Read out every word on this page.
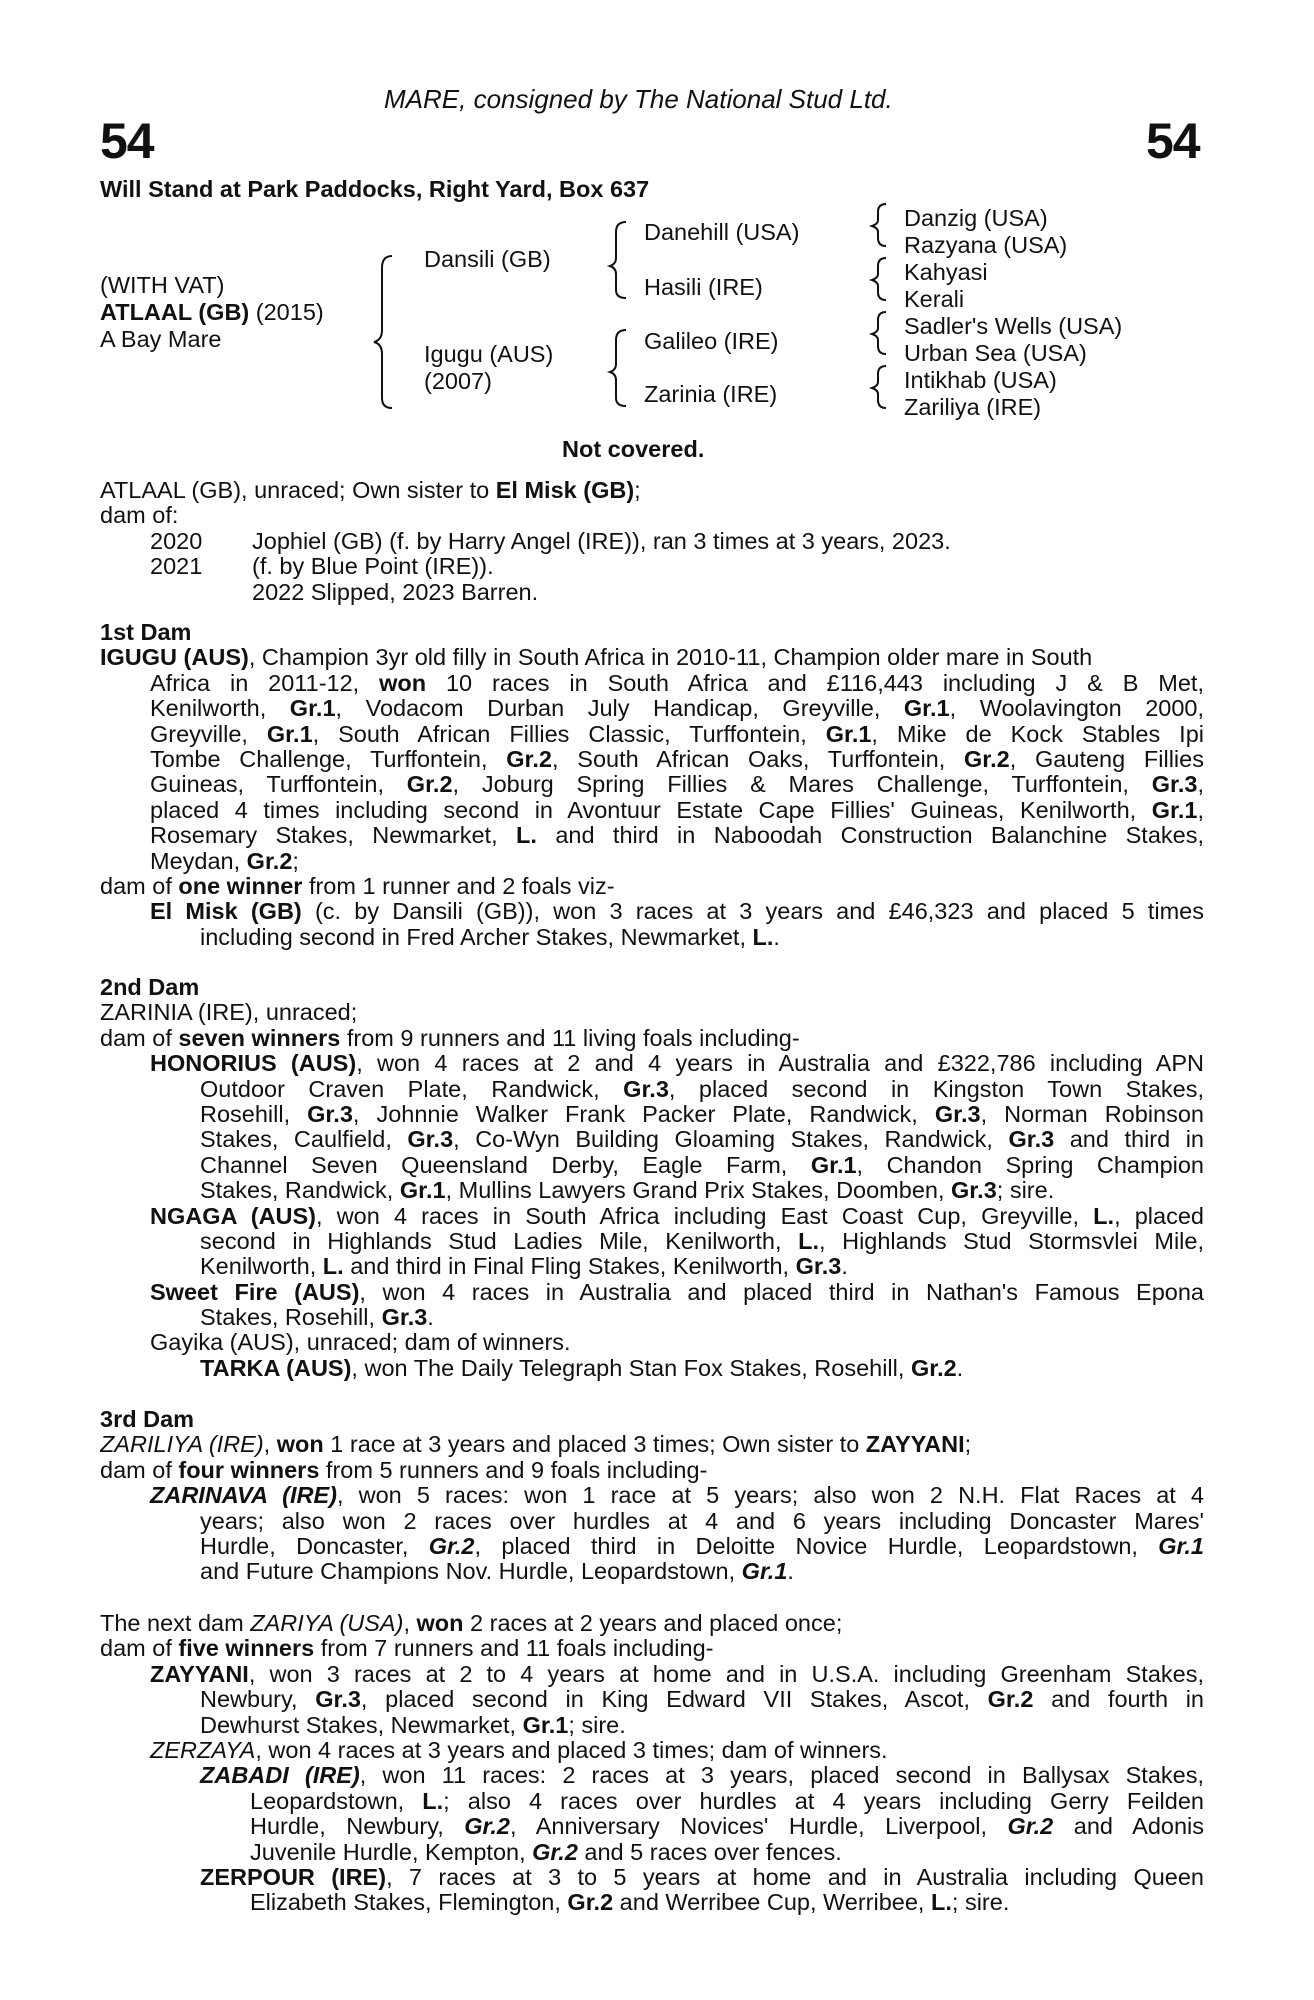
MARE, consigned by The National Stud Ltd.
54	54
Will Stand at Park Paddocks, Right Yard, Box 637
(WITH VAT)
ATLAAL (GB) (2015)
A Bay Mare
Dansili (GB)
Igugu (AUS)
(2007)
Danehill (USA)
Hasili (IRE)
Galileo (IRE)
Zarinia (IRE)
Danzig (USA)
Razyana (USA)
Kahyasi
Kerali
Sadler's Wells (USA)
Urban Sea (USA)
Intikhab (USA)
Zariliya (IRE)
Not covered.
ATLAAL (GB), unraced; Own sister to El Misk (GB);
dam of:
2020 Jophiel (GB) (f. by Harry Angel (IRE)), ran 3 times at 3 years, 2023.
2021 (f. by Blue Point (IRE)).
2022 Slipped, 2023 Barren.
1st Dam
IGUGU (AUS), Champion 3yr old filly in South Africa in 2010-11, Champion older mare in South
Africa in 2011-12, won 10 races in South Africa and £116,443 including J & B Met,
Kenilworth, Gr.1, Vodacom Durban July Handicap, Greyville, Gr.1, Woolavington 2000,
Greyville, Gr.1, South African Fillies Classic, Turffontein, Gr.1, Mike de Kock Stables Ipi
Tombe Challenge, Turffontein, Gr.2, South African Oaks, Turffontein, Gr.2, Gauteng Fillies
Guineas, Turffontein, Gr.2, Joburg Spring Fillies & Mares Challenge, Turffontein, Gr.3,
placed 4 times including second in Avontuur Estate Cape Fillies' Guineas, Kenilworth, Gr.1,
Rosemary Stakes, Newmarket, L. and third in Naboodah Construction Balanchine Stakes,
Meydan, Gr.2;
dam of one winner from 1 runner and 2 foals viz-
El Misk (GB) (c. by Dansili (GB)), won 3 races at 3 years and £46,323 and placed 5 times
including second in Fred Archer Stakes, Newmarket, L..
2nd Dam
ZARINIA (IRE), unraced;
dam of seven winners from 9 runners and 11 living foals including-
HONORIUS (AUS), won 4 races at 2 and 4 years in Australia and £322,786 including APN
Outdoor Craven Plate, Randwick, Gr.3, placed second in Kingston Town Stakes,
Rosehill, Gr.3, Johnnie Walker Frank Packer Plate, Randwick, Gr.3, Norman Robinson
Stakes, Caulfield, Gr.3, Co-Wyn Building Gloaming Stakes, Randwick, Gr.3 and third in
Channel Seven Queensland Derby, Eagle Farm, Gr.1, Chandon Spring Champion
Stakes, Randwick, Gr.1, Mullins Lawyers Grand Prix Stakes, Doomben, Gr.3; sire.
NGAGA (AUS), won 4 races in South Africa including East Coast Cup, Greyville, L., placed
second in Highlands Stud Ladies Mile, Kenilworth, L., Highlands Stud Stormsvlei Mile,
Kenilworth, L. and third in Final Fling Stakes, Kenilworth, Gr.3.
Sweet Fire (AUS), won 4 races in Australia and placed third in Nathan's Famous Epona
Stakes, Rosehill, Gr.3.
Gayika (AUS), unraced; dam of winners.
TARKA (AUS), won The Daily Telegraph Stan Fox Stakes, Rosehill, Gr.2.
3rd Dam
ZARILIYA (IRE), won 1 race at 3 years and placed 3 times; Own sister to ZAYYANI;
dam of four winners from 5 runners and 9 foals including-
ZARINAVA (IRE), won 5 races: won 1 race at 5 years; also won 2 N.H. Flat Races at 4
years; also won 2 races over hurdles at 4 and 6 years including Doncaster Mares'
Hurdle, Doncaster, Gr.2, placed third in Deloitte Novice Hurdle, Leopardstown, Gr.1
and Future Champions Nov. Hurdle, Leopardstown, Gr.1.
The next dam ZARIYA (USA), won 2 races at 2 years and placed once;
dam of five winners from 7 runners and 11 foals including-
ZAYYANI, won 3 races at 2 to 4 years at home and in U.S.A. including Greenham Stakes,
Newbury, Gr.3, placed second in King Edward VII Stakes, Ascot, Gr.2 and fourth in
Dewhurst Stakes, Newmarket, Gr.1; sire.
ZERZAYA, won 4 races at 3 years and placed 3 times; dam of winners.
ZABADI (IRE), won 11 races: 2 races at 3 years, placed second in Ballysax Stakes,
Leopardstown, L.; also 4 races over hurdles at 4 years including Gerry Feilden
Hurdle, Newbury, Gr.2, Anniversary Novices' Hurdle, Liverpool, Gr.2 and Adonis
Juvenile Hurdle, Kempton, Gr.2 and 5 races over fences.
ZERPOUR (IRE), 7 races at 3 to 5 years at home and in Australia including Queen
Elizabeth Stakes, Flemington, Gr.2 and Werribee Cup, Werribee, L.; sire.
